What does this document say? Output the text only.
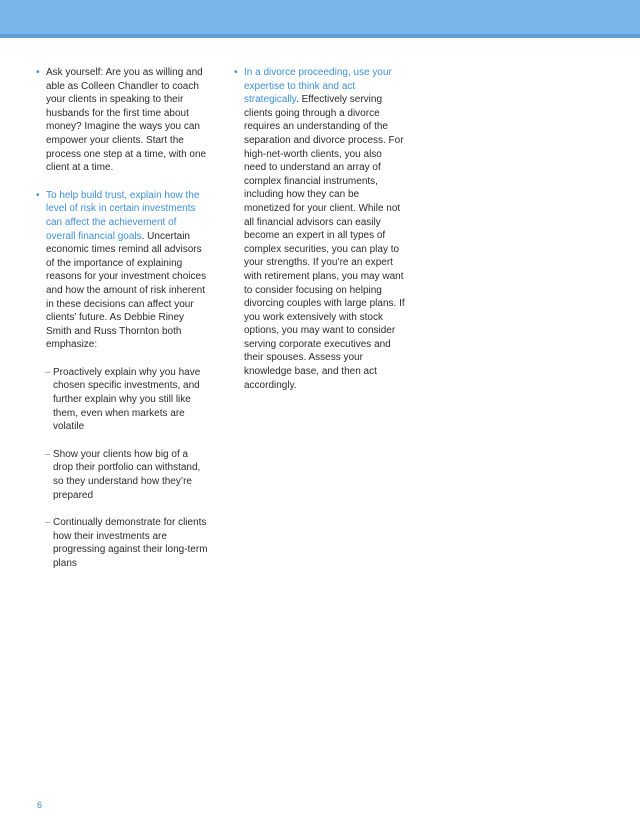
• Ask yourself: Are you as willing and able as Colleen Chandler to coach your clients in speaking to their husbands for the first time about money? Imagine the ways you can empower your clients. Start the process one step at a time, with one client at a time.
• To help build trust, explain how the level of risk in certain investments can affect the achievement of overall financial goals. Uncertain economic times remind all advisors of the importance of explaining reasons for your investment choices and how the amount of risk inherent in these decisions can affect your clients’ future. As Debbie Riney Smith and Russ Thornton both emphasize:
– Proactively explain why you have chosen specific investments, and further explain why you still like them, even when markets are volatile
– Show your clients how big of a drop their portfolio can withstand, so they understand how they’re prepared
– Continually demonstrate for clients how their investments are progressing against their long-term plans
• In a divorce proceeding, use your expertise to think and act strategically. Effectively serving clients going through a divorce requires an understanding of the separation and divorce process. For high-net-worth clients, you also need to understand an array of complex financial instruments, including how they can be monetized for your client. While not all financial advisors can easily become an expert in all types of complex securities, you can play to your strengths. If you’re an expert with retirement plans, you may want to consider focusing on helping divorcing couples with large plans. If you work extensively with stock options, you may want to consider serving corporate executives and their spouses. Assess your knowledge base, and then act accordingly.
6
